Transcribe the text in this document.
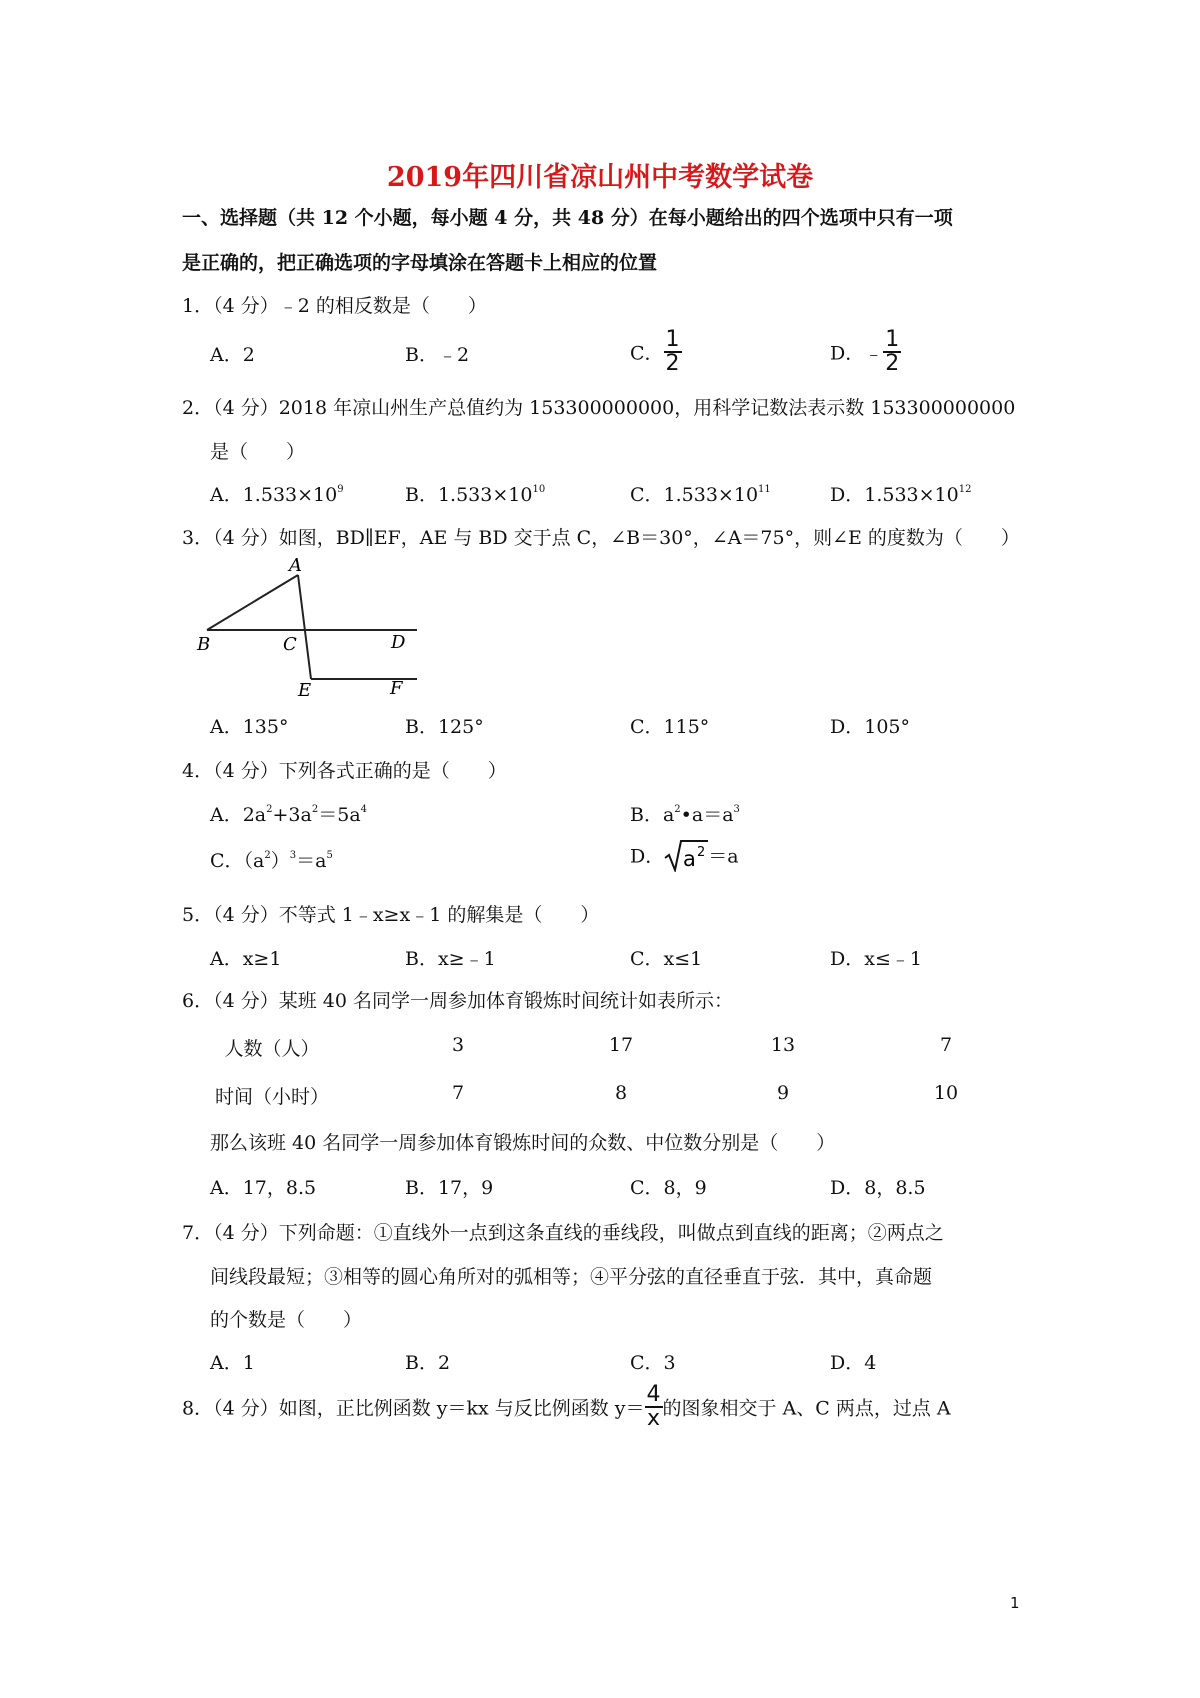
2019年四川省凉山州中考数学试卷
一、选择题（共 12 个小题，每小题 4 分，共 48 分）在每小题给出的四个选项中只有一项
是正确的，把正确选项的字母填涂在答题卡上相应的位置
1．（4 分）﹣2 的相反数是（　　）
A．2	B．﹣2	C． $\frac{1}{2}$	D．﹣ $\frac{1}{2}$
2．（4 分）2018 年凉山州生产总值约为 153300000000，用科学记数法表示数 153300000000
是（　　）
A．$1.533\times 10^9$	B．$1.533\times 10^{10}$	C．$1.533\times 10^{11}$	D．$1.533\times 10^{12}$
3．（4 分）如图，BD∥EF，AE 与 BD 交于点 C，∠B＝30°，∠A＝75°，则∠E 的度数为（　　）
A
B	C	D
E	F
A．135°	B．125°	C．115°	D．105°
4．（4 分）下列各式正确的是（　　）
A．$2a^2+3a^2=5a^4$	B．$a^2•a=a^3$
C．$(a^2)^3=a^5$	D． a 2 ＝a
5．（4 分）不等式 1﹣x≥x﹣1 的解集是（　　）
A．x≥1	B．x≥﹣1	C．x≤1	D．x≤﹣1
6．（4 分）某班 40 名同学一周参加体育锻炼时间统计如表所示：
人数（人）	3	17	13	7
时间（小时）	7	8	9	10
那么该班 40 名同学一周参加体育锻炼时间的众数、中位数分别是（　　）
A．17，8.5	B．17，9	C．8，9	D．8，8.5
7．（4 分）下列命题：①直线外一点到这条直线的垂线段，叫做点到直线的距离；②两点之
间线段最短；③相等的圆心角所对的弧相等；④平分弦的直径垂直于弦．其中，真命题
的个数是（　　）
A．1	B．2	C．3	D．4
8．（4 分）如图，正比例函数 y＝kx 与反比例函数 $y= \frac{4}{x}$ 的图象相交于 A、C 两点，过点 A
1
